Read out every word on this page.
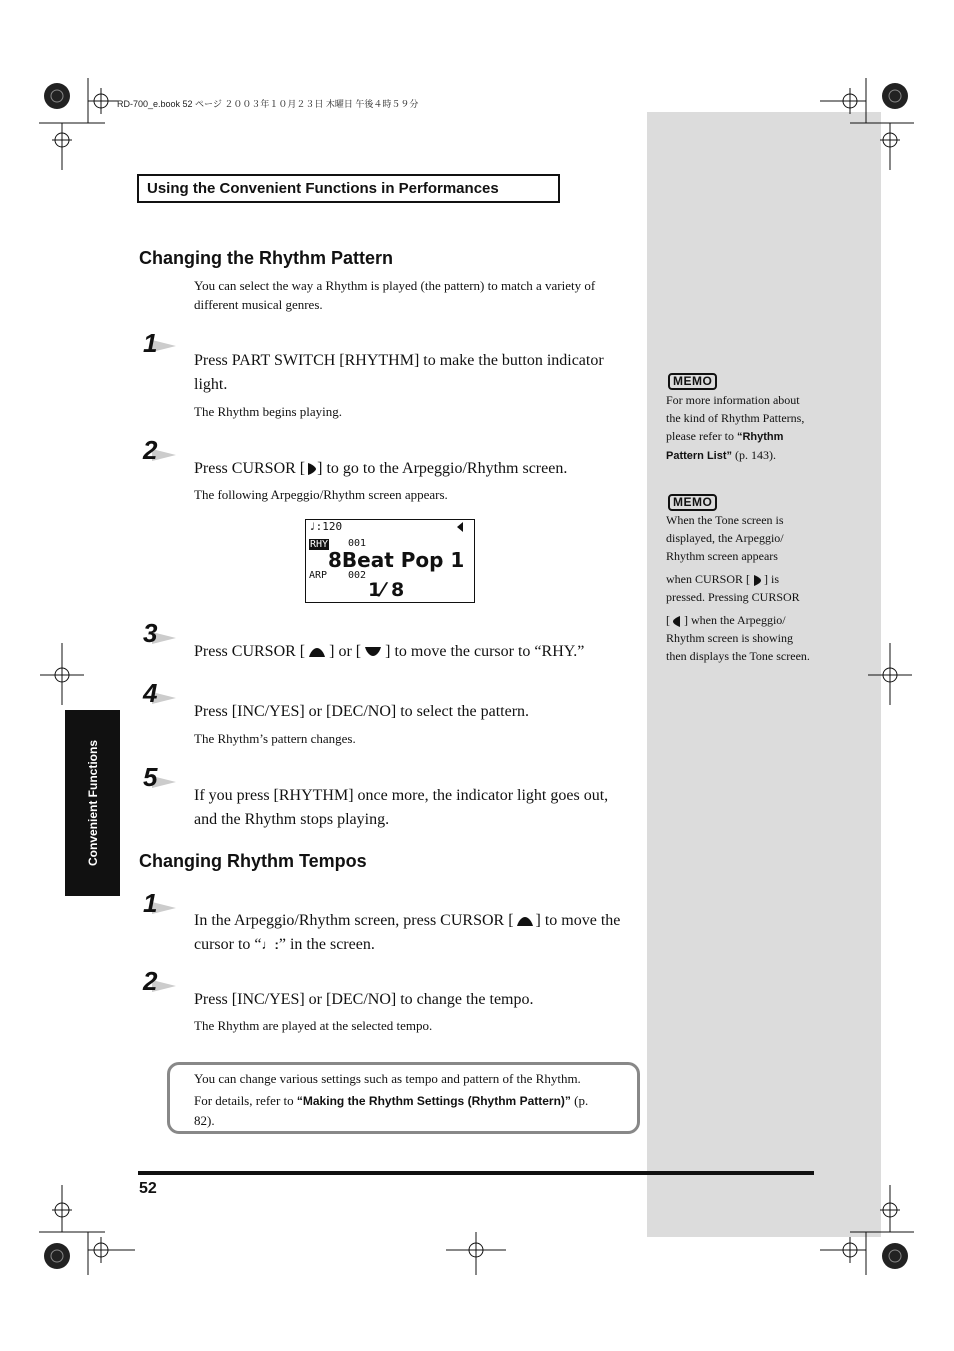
RD-700_e.book 52 ページ ２００３年１０月２３日 木曜日 午後４時５９分
Using the Convenient Functions in Performances
Changing the Rhythm Pattern
You can select the way a Rhythm is played (the pattern) to match a variety of different musical genres.
1
Press PART SWITCH [RHYTHM] to make the button indicator light.
The Rhythm begins playing.
2
Press CURSOR [ ] to go to the Arpeggio/Rhythm screen.
The following Arpeggio/Rhythm screen appears.
♩:120
RHY 001
8Beat Pop 1
ARP 002
1⁄ 8
3
Press CURSOR [ ] or [ ] to move the cursor to “RHY.”
4
Press [INC/YES] or [DEC/NO] to select the pattern.
The Rhythm’s pattern changes.
5
If you press [RHYTHM] once more, the indicator light goes out, and the Rhythm stops playing.
Changing Rhythm Tempos
1
In the Arpeggio/Rhythm screen, press CURSOR [ ] to move the cursor to “♩:” in the screen.
2
Press [INC/YES] or [DEC/NO] to change the tempo.
The Rhythm are played at the selected tempo.
You can change various settings such as tempo and pattern of the Rhythm.
For details, refer to “Making the Rhythm Settings (Rhythm Pattern)” (p.
82).
Convenient Functions
MEMO
For more information about the kind of Rhythm Patterns, please refer to “Rhythm Pattern List” (p. 143).
MEMO
When the Tone screen is displayed, the Arpeggio/ Rhythm screen appears
when CURSOR [ ] is pressed. Pressing CURSOR
[ ] when the Arpeggio/ Rhythm screen is showing then displays the Tone screen.
52
